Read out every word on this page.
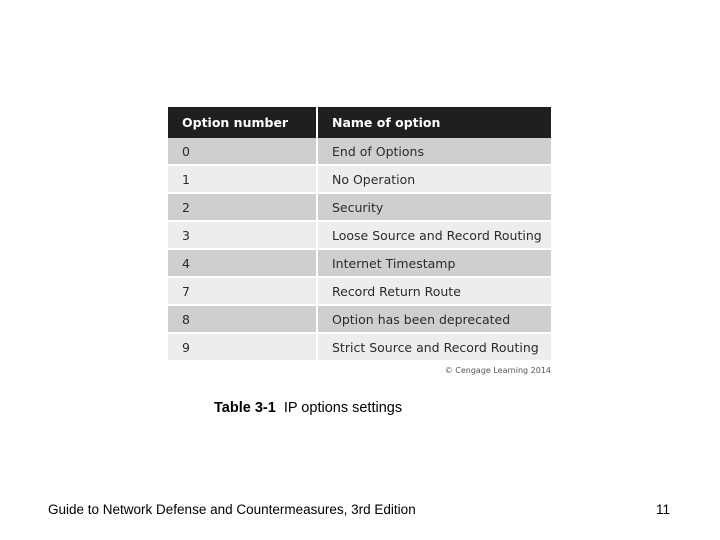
Option number	Name of option
0	End of Options
1	No Operation
2	Security
3	Loose Source and Record Routing
4	Internet Timestamp
7	Record Return Route
8	Option has been deprecated
9	Strict Source and Record Routing
© Cengage Learning 2014
Table 3-1 IP options settings
Guide to Network Defense and Countermeasures, 3rd Edition	11
